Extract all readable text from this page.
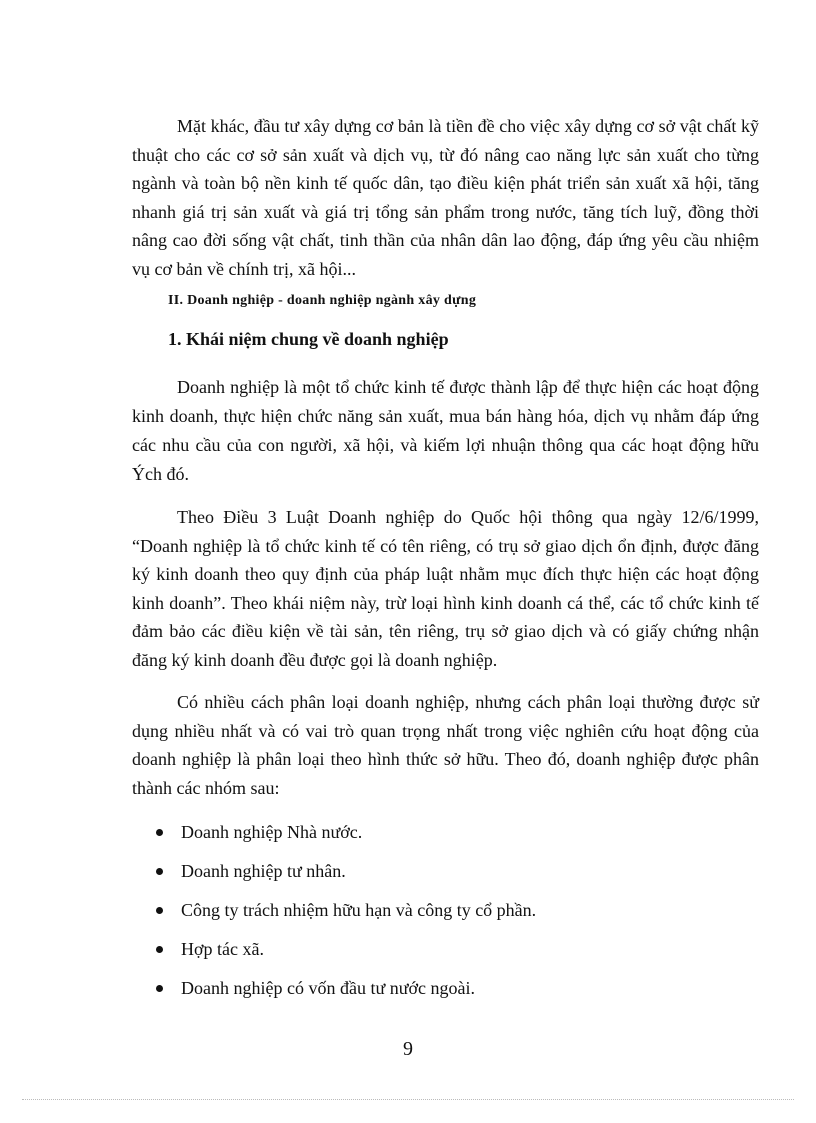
Mặt khác, đầu tư xây dựng cơ bản là tiền đề cho việc xây dựng cơ sở vật chất kỹ thuật cho các cơ sở sản xuất và dịch vụ, từ đó nâng cao năng lực sản xuất cho từng ngành và toàn bộ nền kinh tế quốc dân, tạo điều kiện phát triển sản xuất xã hội, tăng nhanh giá trị sản xuất và giá trị tổng sản phẩm trong nước, tăng tích luỹ, đồng thời nâng cao đời sống vật chất, tinh thần của nhân dân lao động, đáp ứng yêu cầu nhiệm vụ cơ bản về chính trị, xã hội...

II. Doanh nghiệp - doanh nghiệp ngành xây dựng
1. Khái niệm chung về doanh nghiệp

Doanh nghiệp là một tổ chức kinh tế được thành lập để thực hiện các hoạt động kinh doanh, thực hiện chức năng sản xuất, mua bán hàng hóa, dịch vụ nhằm đáp ứng các nhu cầu của con người, xã hội, và kiếm lợi nhuận thông qua các hoạt động hữu Ých đó.

Theo Điều 3 Luật Doanh nghiệp do Quốc hội thông qua ngày 12/6/1999, “Doanh nghiệp là tổ chức kinh tế có tên riêng, có trụ sở giao dịch ổn định, được đăng ký kinh doanh theo quy định của pháp luật nhằm mục đích thực hiện các hoạt động kinh doanh”. Theo khái niệm này, trừ loại hình kinh doanh cá thể, các tổ chức kinh tế đảm bảo các điều kiện về tài sản, tên riêng, trụ sở giao dịch và có giấy chứng nhận đăng ký kinh doanh đều được gọi là doanh nghiệp.

Có nhiều cách phân loại doanh nghiệp, nhưng cách phân loại thường được sử dụng nhiều nhất và có vai trò quan trọng nhất trong việc nghiên cứu hoạt động của doanh nghiệp là phân loại theo hình thức sở hữu. Theo đó, doanh nghiệp được phân thành các nhóm sau:

Doanh nghiệp Nhà nước.
Doanh nghiệp tư nhân.
Công ty trách nhiệm hữu hạn và công ty cổ phần.
Hợp tác xã.
Doanh nghiệp có vốn đầu tư nước ngoài.
9
